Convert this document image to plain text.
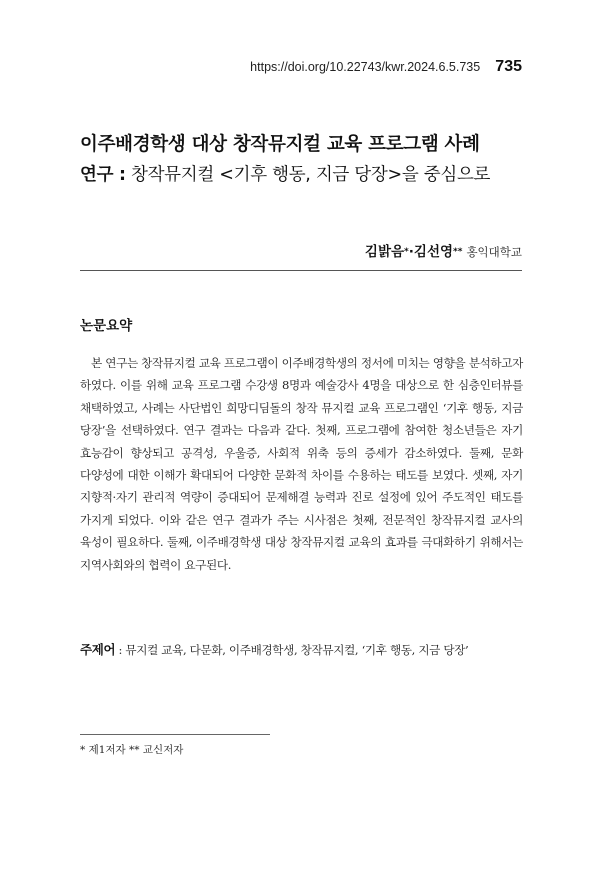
https://doi.org/10.22743/kwr.2024.6.5.735 735
이주배경학생 대상 창작뮤지컬 교육 프로그램 사례
연구 : 창작뮤지컬 <기후 행동, 지금 당장>을 중심으로
김밝음*·김선영** 홍익대학교
논문요약
본 연구는 창작뮤지컬 교육 프로그램이 이주배경학생의 정서에 미치는 영향을 분석하고자 하였다. 이를 위해 교육 프로그램 수강생 8명과 예술강사 4명을 대상으로 한 심층인터뷰를 채택하였고, 사례는 사단법인 희망디딤돌의 창작 뮤지컬 교육 프로그램인 ‘기후 행동, 지금 당장’을 선택하였다. 연구 결과는 다음과 같다. 첫째, 프로그램에 참여한 청소년들은 자기 효능감이 향상되고 공격성, 우울증, 사회적 위축 등의 증세가 감소하였다. 둘째, 문화 다양성에 대한 이해가 확대되어 다양한 문화적 차이를 수용하는 태도를 보였다. 셋째, 자기 지향적·자기 관리적 역량이 증대되어 문제해결 능력과 진로 설정에 있어 주도적인 태도를 가지게 되었다. 이와 같은 연구 결과가 주는 시사점은 첫째, 전문적인 창작뮤지컬 교사의 육성이 필요하다. 둘째, 이주배경학생 대상 창작뮤지컬 교육의 효과를 극대화하기 위해서는 지역사회와의 협력이 요구된다.
주제어 : 뮤지컬 교육, 다문화, 이주배경학생, 창작뮤지컬, ‘기후 행동, 지금 당장’
* 제1저자 ** 교신저자
